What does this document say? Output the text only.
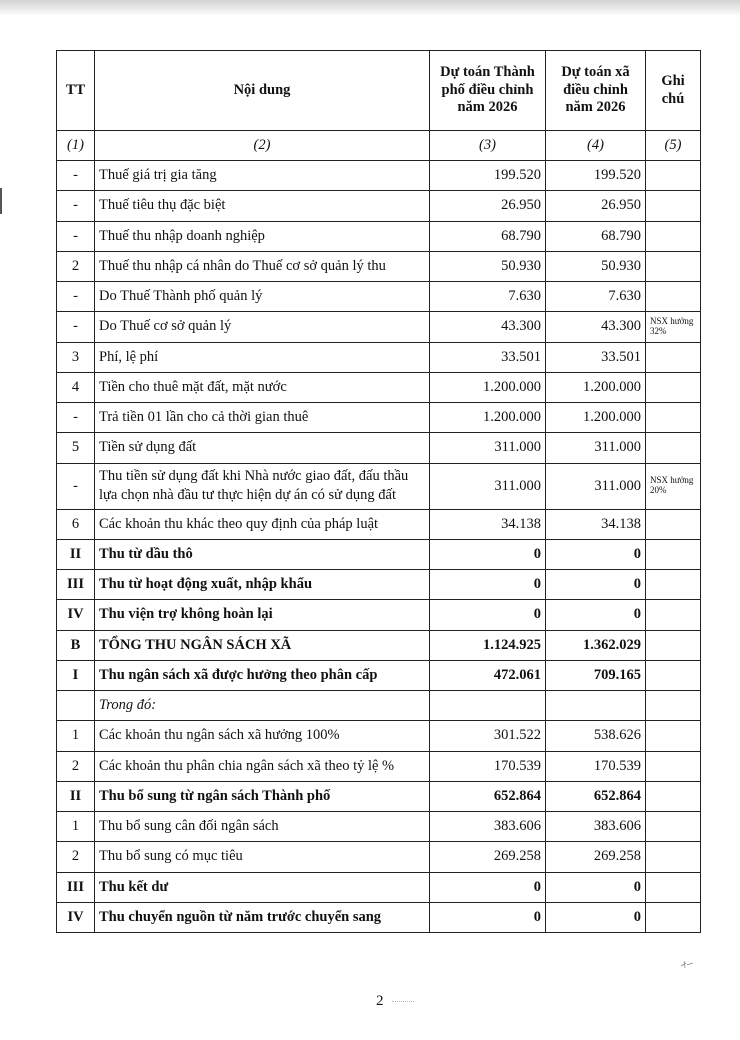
TT	Nội dung	Dự toán Thành phố điều chỉnh năm 2026	Dự toán xã điều chỉnh năm 2026	Ghi chú
(1)	(2)	(3)	(4)	(5)
-	Thuế giá trị gia tăng	199.520	199.520	
-	Thuế tiêu thụ đặc biệt	26.950	26.950	
-	Thuế thu nhập doanh nghiệp	68.790	68.790	
2	Thuế thu nhập cá nhân do Thuế cơ sở quản lý thu	50.930	50.930	
-	Do Thuế Thành phố quản lý	7.630	7.630	
-	Do Thuế cơ sở quản lý	43.300	43.300	NSX hưởng 32%
3	Phí, lệ phí	33.501	33.501	
4	Tiền cho thuê mặt đất, mặt nước	1.200.000	1.200.000	
-	Trả tiền 01 lần cho cả thời gian thuê	1.200.000	1.200.000	
5	Tiền sử dụng đất	311.000	311.000	
-	Thu tiền sử dụng đất khi Nhà nước giao đất, đấu thầu lựa chọn nhà đầu tư thực hiện dự án có sử dụng đất	311.000	311.000	NSX hưởng 20%
6	Các khoản thu khác theo quy định của pháp luật	34.138	34.138	
II	Thu từ dầu thô	0	0	
III	Thu từ hoạt động xuất, nhập khẩu	0	0	
IV	Thu viện trợ không hoàn lại	0	0	
B	TỔNG THU NGÂN SÁCH XÃ	1.124.925	1.362.029	
I	Thu ngân sách xã được hưởng theo phân cấp	472.061	709.165	
	Trong đó:			
1	Các khoản thu ngân sách xã hưởng 100%	301.522	538.626	
2	Các khoản thu phân chia ngân sách xã theo tỷ lệ %	170.539	170.539	
II	Thu bổ sung từ ngân sách Thành phố	652.864	652.864	
1	Thu bổ sung cân đối ngân sách	383.606	383.606	
2	Thu bổ sung có mục tiêu	269.258	269.258	
III	Thu kết dư	0	0	
IV	Thu chuyển nguồn từ năm trước chuyển sang	0	0	
2
